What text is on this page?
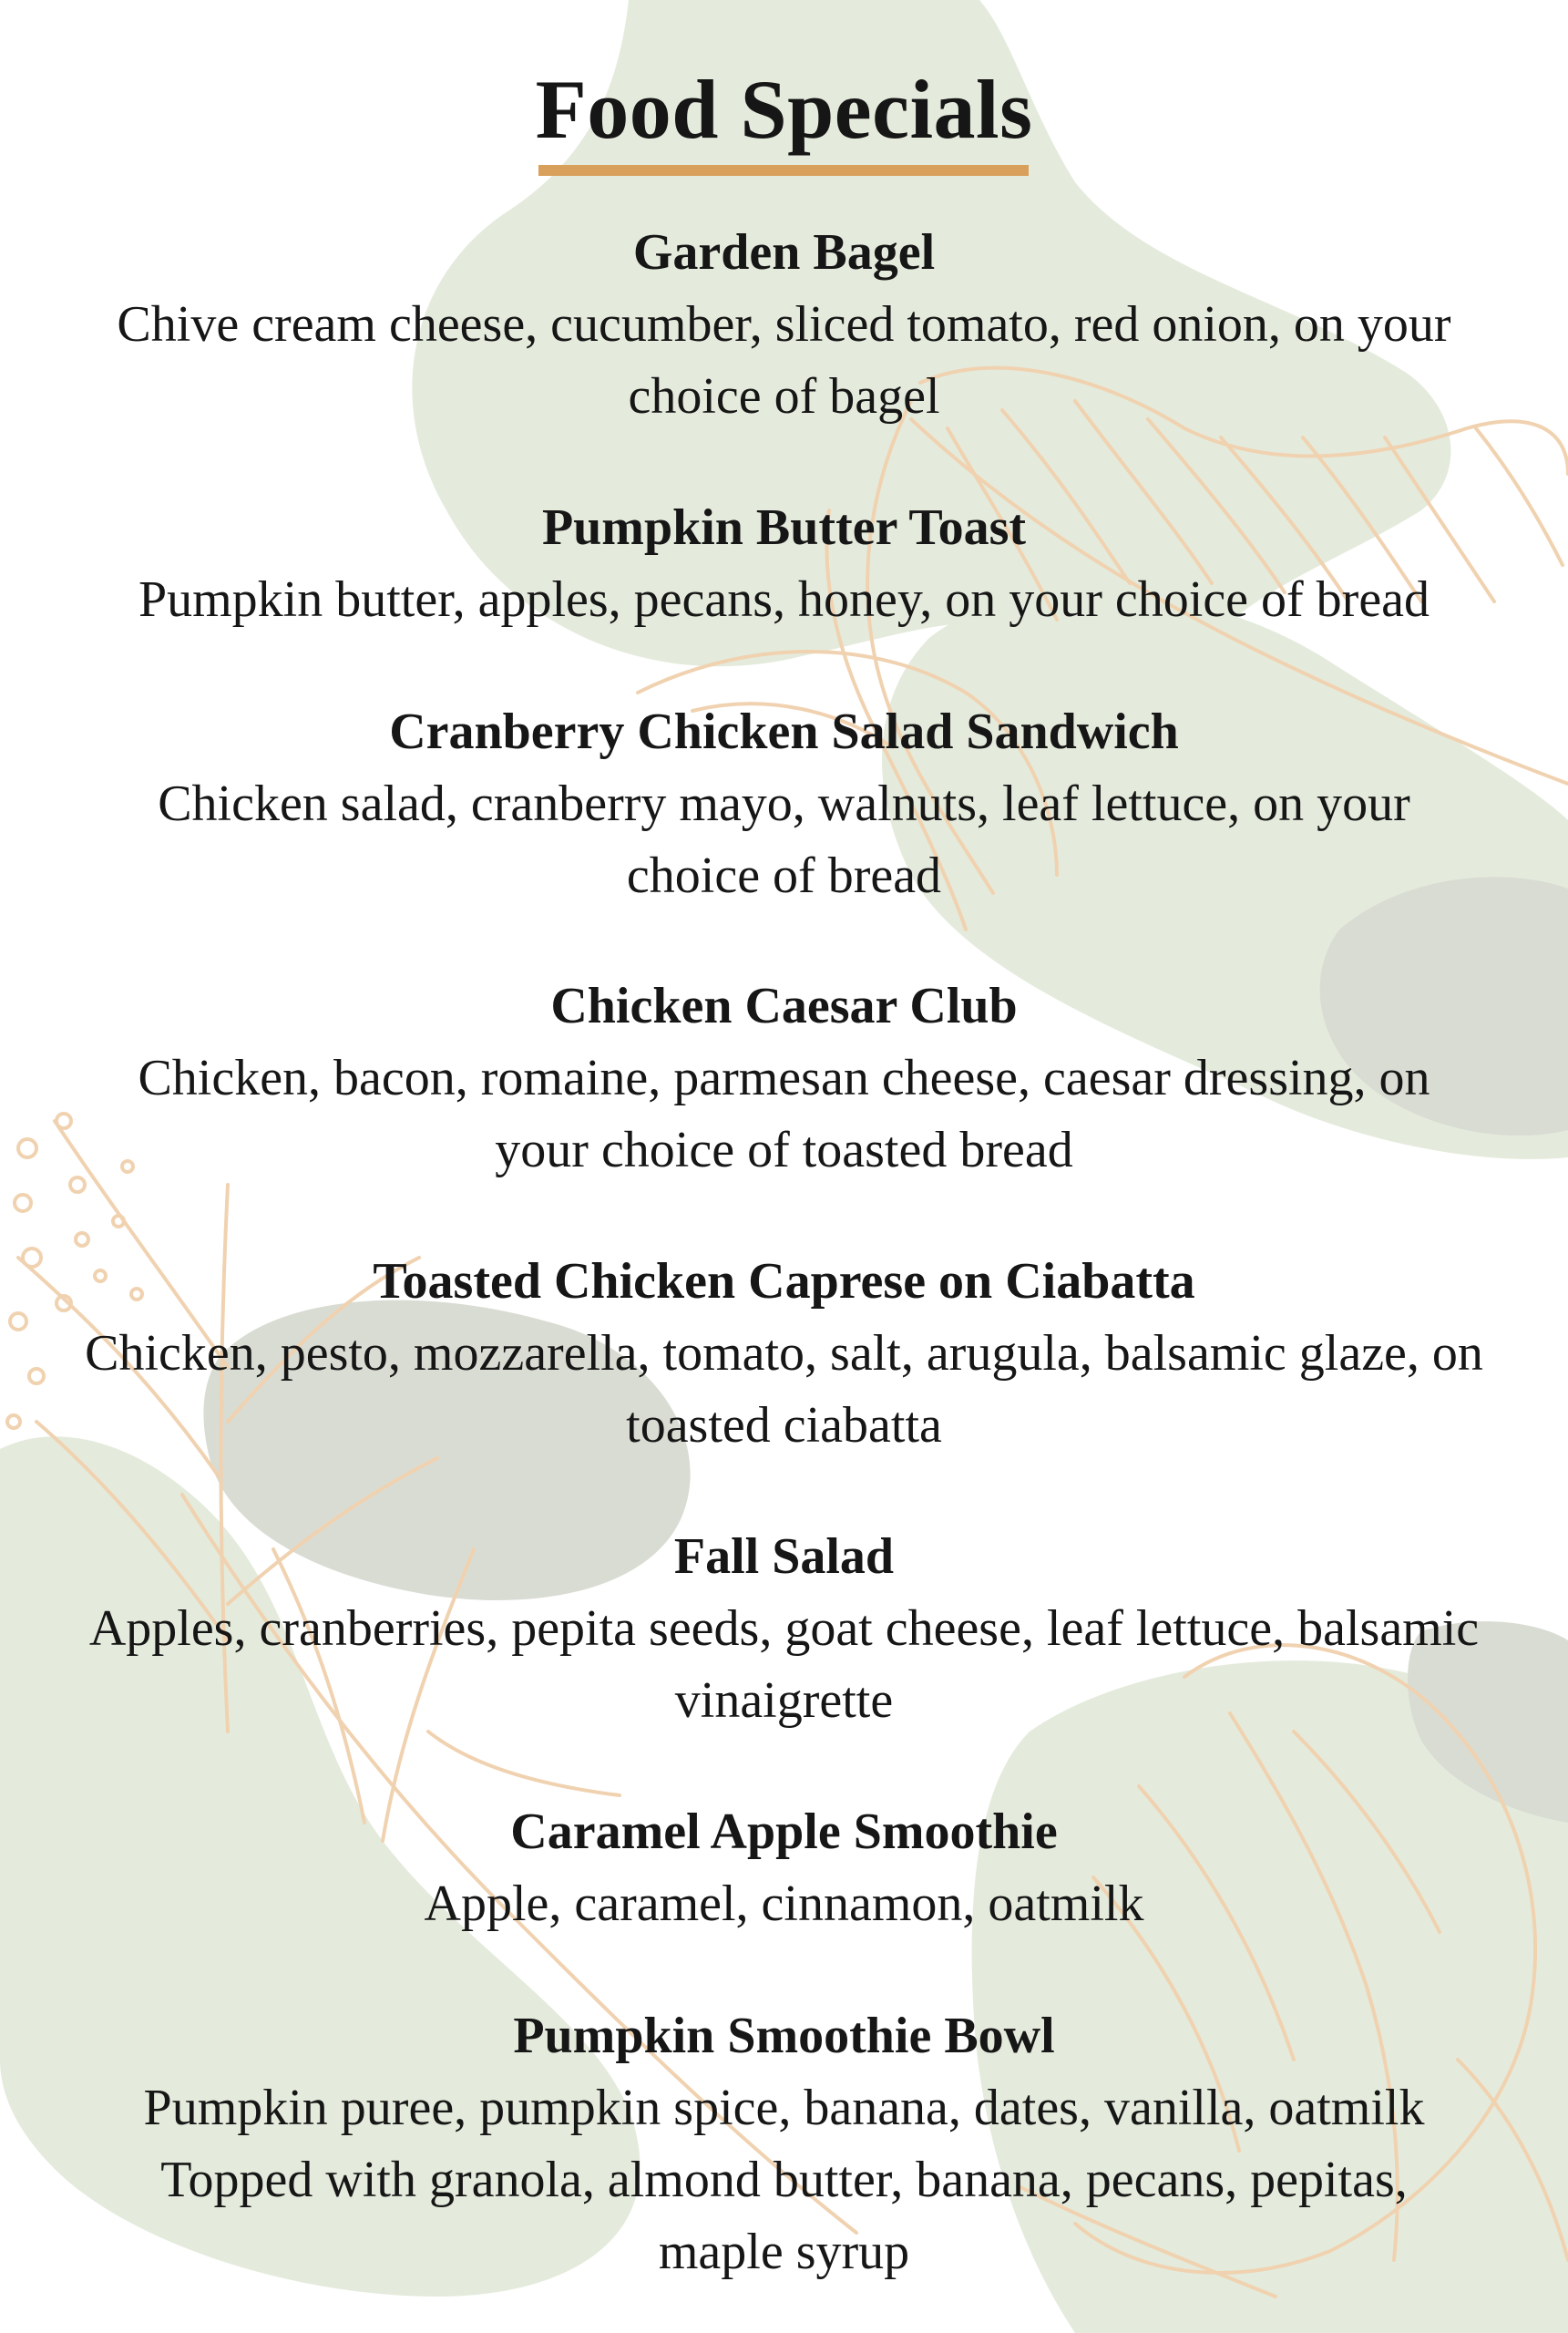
Food Specials
Garden Bagel
Chive cream cheese, cucumber, sliced tomato, red onion, on your
choice of bagel
Pumpkin Butter Toast
Pumpkin butter, apples, pecans, honey, on your choice of bread
Cranberry Chicken Salad Sandwich
Chicken salad, cranberry mayo, walnuts, leaf lettuce, on your
choice of bread
Chicken Caesar Club
Chicken, bacon, romaine, parmesan cheese, caesar dressing, on
your choice of toasted bread
Toasted Chicken Caprese on Ciabatta
Chicken, pesto, mozzarella, tomato, salt, arugula, balsamic glaze, on
toasted ciabatta
Fall Salad
Apples, cranberries, pepita seeds, goat cheese, leaf lettuce, balsamic
vinaigrette
Caramel Apple Smoothie
Apple, caramel, cinnamon, oatmilk
Pumpkin Smoothie Bowl
Pumpkin puree, pumpkin spice, banana, dates, vanilla, oatmilk
Topped with granola, almond butter, banana, pecans, pepitas,
maple syrup
